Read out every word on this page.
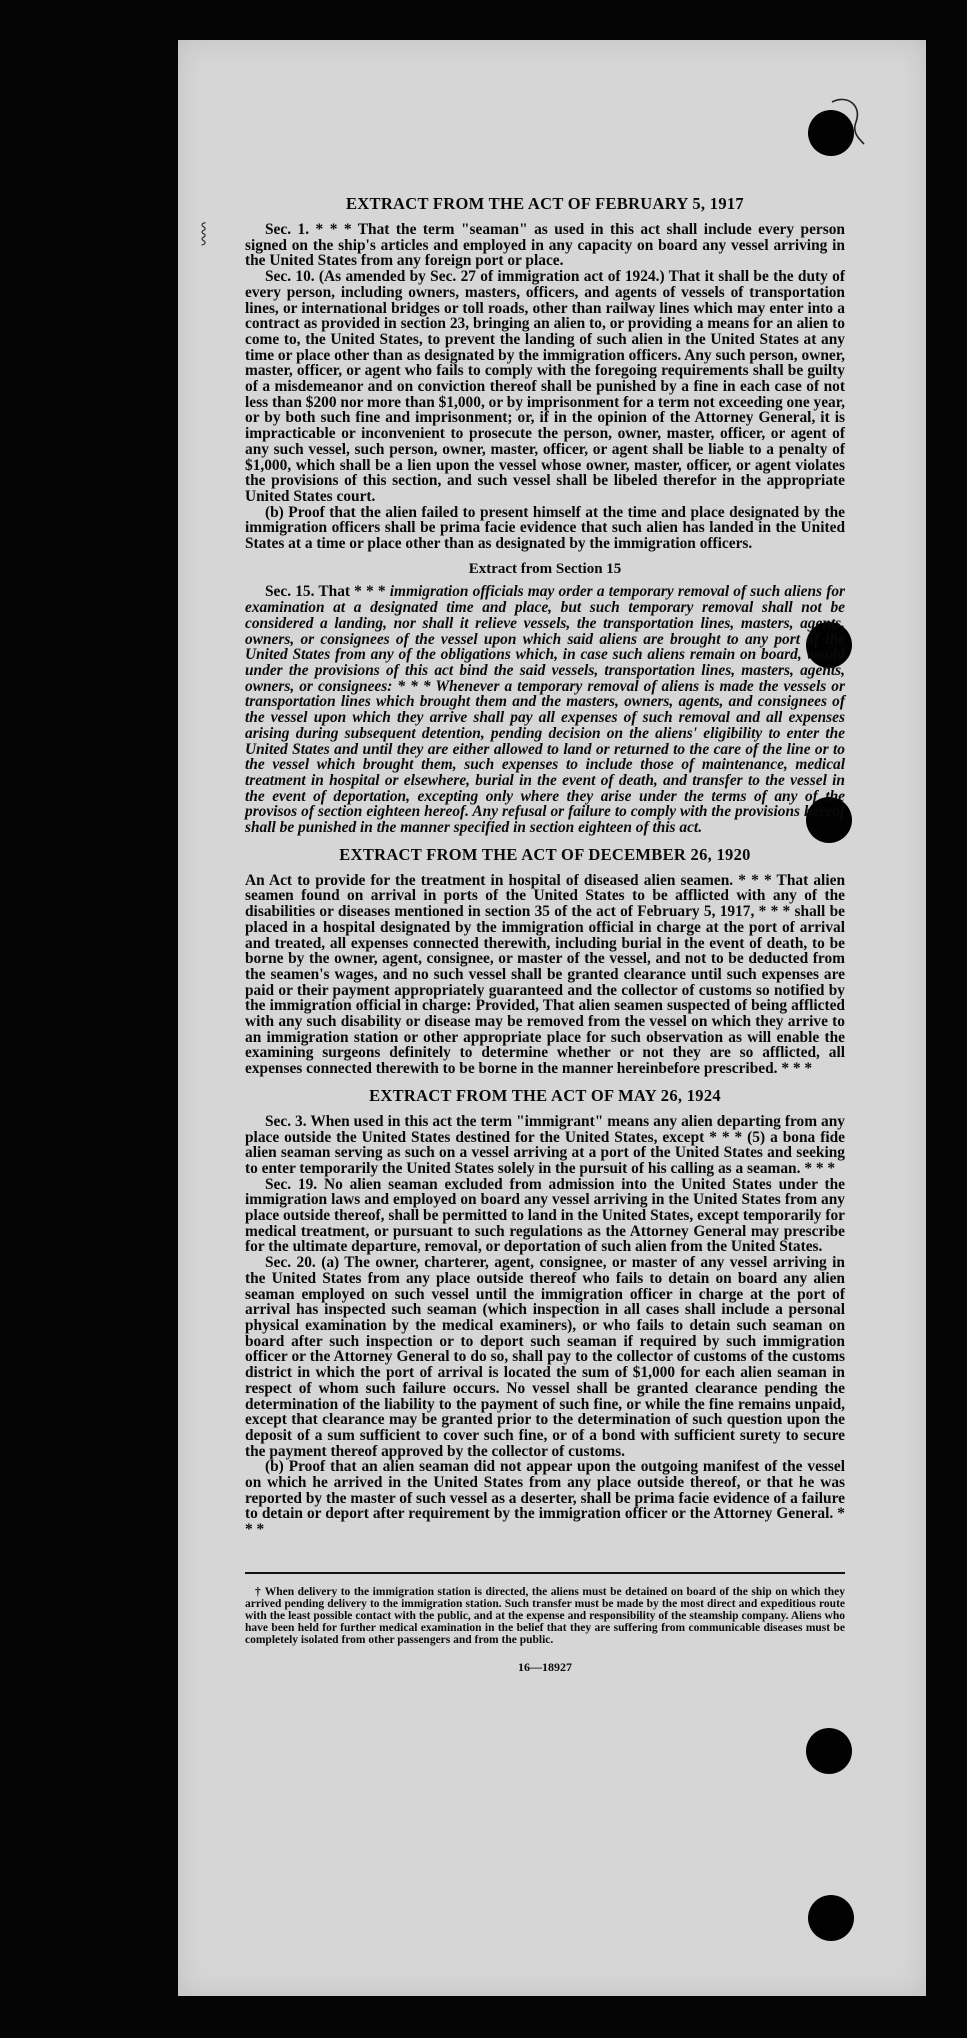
⸾
EXTRACT FROM THE ACT OF FEBRUARY 5, 1917

Sec. 1. * * * That the term "seaman" as used in this act shall include every person signed on the ship's articles and employed in any capacity on board any vessel arriving in the United States from any foreign port or place.

Sec. 10. (As amended by Sec. 27 of immigration act of 1924.) That it shall be the duty of every person, including owners, masters, officers, and agents of vessels of transportation lines, or international bridges or toll roads, other than railway lines which may enter into a contract as provided in section 23, bringing an alien to, or providing a means for an alien to come to, the United States, to prevent the landing of such alien in the United States at any time or place other than as designated by the immigration officers. Any such person, owner, master, officer, or agent who fails to comply with the foregoing requirements shall be guilty of a misdemeanor and on conviction thereof shall be punished by a fine in each case of not less than $200 nor more than $1,000, or by imprisonment for a term not exceeding one year, or by both such fine and imprisonment; or, if in the opinion of the Attorney General, it is impracticable or inconvenient to prosecute the person, owner, master, officer, or agent of any such vessel, such person, owner, master, officer, or agent shall be liable to a penalty of $1,000, which shall be a lien upon the vessel whose owner, master, officer, or agent violates the provisions of this section, and such vessel shall be libeled therefor in the appropriate United States court.

(b) Proof that the alien failed to present himself at the time and place designated by the immigration officers shall be prima facie evidence that such alien has landed in the United States at a time or place other than as designated by the immigration officers.

Extract from Section 15

Sec. 15. That * * * immigration officials may order a temporary removal of such aliens for examination at a designated time and place, but such temporary removal shall not be considered a landing, nor shall it relieve vessels, the transportation lines, masters, agents, owners, or consignees of the vessel upon which said aliens are brought to any port of the United States from any of the obligations which, in case such aliens remain on board, would under the provisions of this act bind the said vessels, transportation lines, masters, agents, owners, or consignees: * * * Whenever a temporary removal of aliens is made the vessels or transportation lines which brought them and the masters, owners, agents, and consignees of the vessel upon which they arrive shall pay all expenses of such removal and all expenses arising during subsequent detention, pending decision on the aliens' eligibility to enter the United States and until they are either allowed to land or returned to the care of the line or to the vessel which brought them, such expenses to include those of maintenance, medical treatment in hospital or elsewhere, burial in the event of death, and transfer to the vessel in the event of deportation, excepting only where they arise under the terms of any of the provisos of section eighteen hereof. Any refusal or failure to comply with the provisions hereof shall be punished in the manner specified in section eighteen of this act.

EXTRACT FROM THE ACT OF DECEMBER 26, 1920

An Act to provide for the treatment in hospital of diseased alien seamen. * * * That alien seamen found on arrival in ports of the United States to be afflicted with any of the disabilities or diseases mentioned in section 35 of the act of February 5, 1917, * * * shall be placed in a hospital designated by the immigration official in charge at the port of arrival and treated, all expenses connected therewith, including burial in the event of death, to be borne by the owner, agent, consignee, or master of the vessel, and not to be deducted from the seamen's wages, and no such vessel shall be granted clearance until such expenses are paid or their payment appropriately guaranteed and the collector of customs so notified by the immigration official in charge: Provided, That alien seamen suspected of being afflicted with any such disability or disease may be removed from the vessel on which they arrive to an immigration station or other appropriate place for such observation as will enable the examining surgeons definitely to determine whether or not they are so afflicted, all expenses connected therewith to be borne in the manner hereinbefore prescribed. * * *

EXTRACT FROM THE ACT OF MAY 26, 1924

Sec. 3. When used in this act the term "immigrant" means any alien departing from any place outside the United States destined for the United States, except * * * (5) a bona fide alien seaman serving as such on a vessel arriving at a port of the United States and seeking to enter temporarily the United States solely in the pursuit of his calling as a seaman. * * *

Sec. 19. No alien seaman excluded from admission into the United States under the immigration laws and employed on board any vessel arriving in the United States from any place outside thereof, shall be permitted to land in the United States, except temporarily for medical treatment, or pursuant to such regulations as the Attorney General may prescribe for the ultimate departure, removal, or deportation of such alien from the United States.

Sec. 20. (a) The owner, charterer, agent, consignee, or master of any vessel arriving in the United States from any place outside thereof who fails to detain on board any alien seaman employed on such vessel until the immigration officer in charge at the port of arrival has inspected such seaman (which inspection in all cases shall include a personal physical examination by the medical examiners), or who fails to detain such seaman on board after such inspection or to deport such seaman if required by such immigration officer or the Attorney General to do so, shall pay to the collector of customs of the customs district in which the port of arrival is located the sum of $1,000 for each alien seaman in respect of whom such failure occurs. No vessel shall be granted clearance pending the determination of the liability to the payment of such fine, or while the fine remains unpaid, except that clearance may be granted prior to the determination of such question upon the deposit of a sum sufficient to cover such fine, or of a bond with sufficient surety to secure the payment thereof approved by the collector of customs.

(b) Proof that an alien seaman did not appear upon the outgoing manifest of the vessel on which he arrived in the United States from any place outside thereof, or that he was reported by the master of such vessel as a deserter, shall be prima facie evidence of a failure to detain or deport after requirement by the immigration officer or the Attorney General. * * *

† When delivery to the immigration station is directed, the aliens must be detained on board of the ship on which they arrived pending delivery to the immigration station. Such transfer must be made by the most direct and expeditious route with the least possible contact with the public, and at the expense and responsibility of the steamship company. Aliens who have been held for further medical examination in the belief that they are suffering from communicable diseases must be completely isolated from other passengers and from the public.

16—18927
